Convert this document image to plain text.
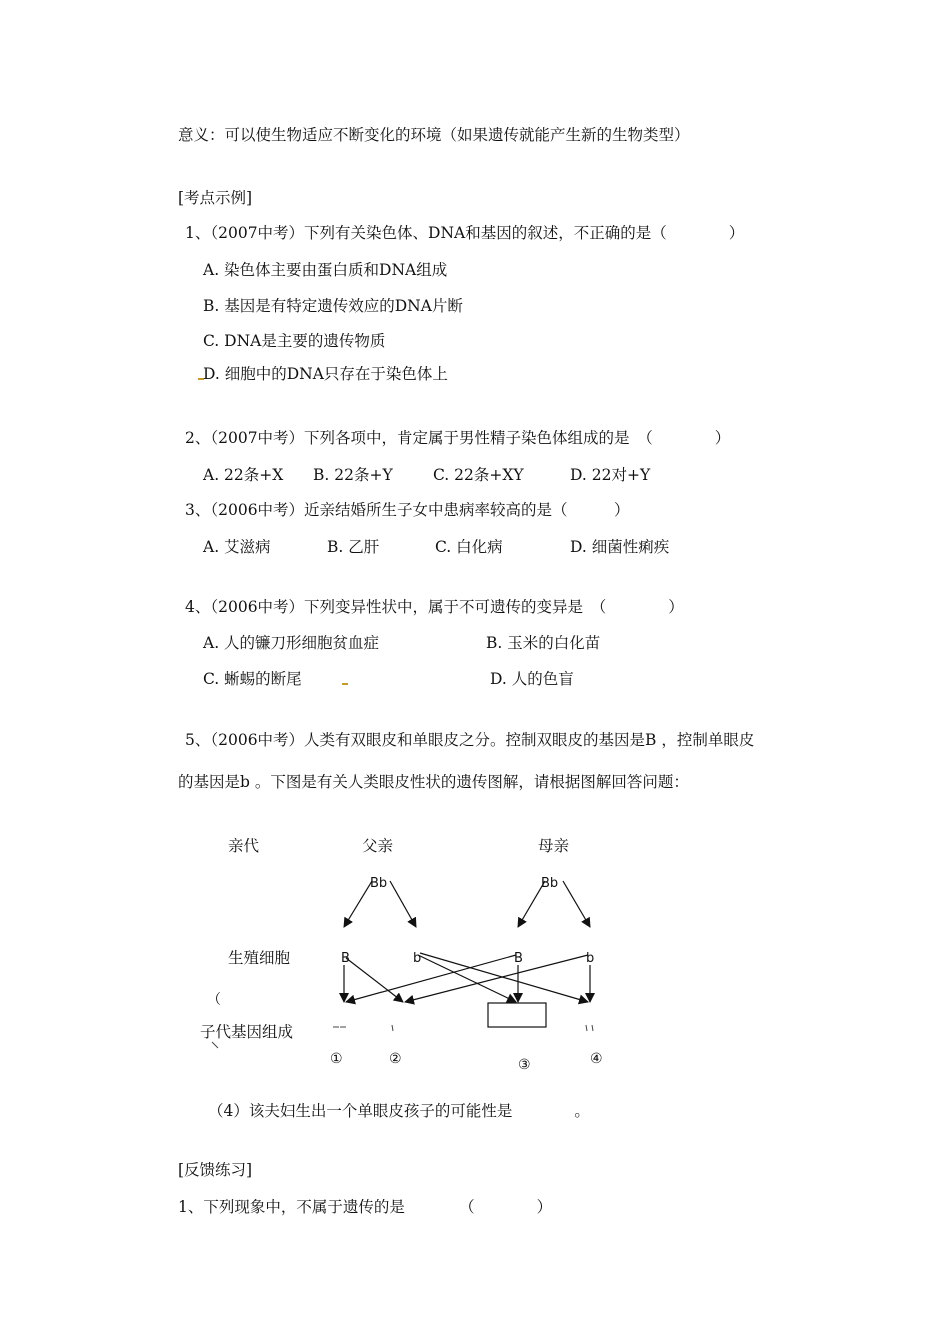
意义：可以使生物适应不断变化的环境（如果遗传就能产生新的生物类型）
[考点示例]
1、（2007中考）下列有关染色体、DNA和基因的叙述，不正确的是（　　　　）
A. 染色体主要由蛋白质和DNA组成
B. 基因是有特定遗传效应的DNA片断
C. DNA是主要的遗传物质
D. 细胞中的DNA只存在于染色体上
2、（2007中考）下列各项中，肯定属于男性精子染色体组成的是　（　　　　）
A. 22条+X B. 22条+Y	C. 22条+XY	D. 22对+Y
3、（2006中考）近亲结婚所生子女中患病率较高的是（　　　）
A. 艾滋病	B. 乙肝	C. 白化病	D. 细菌性痢疾
4、（2006中考）下列变异性状中，属于不可遗传的变异是　（　　　　）
A. 人的镰刀形细胞贫血症	B. 玉米的白化苗
C. 蜥蜴的断尾	D. 人的色盲
5、（2006中考）人类有双眼皮和单眼皮之分。控制双眼皮的基因是B ，控制单眼皮
的基因是b 。下图是有关人类眼皮性状的遗传图解，请根据图解回答问题：
亲代	父亲	母亲
Bb	Bb
生殖细胞	B	b	B	b
（
子代基因组成
①	②	③	④
（4）该夫妇生出一个单眼皮孩子的可能性是　　　　。
[反馈练习]
1、下列现象中，不属于遗传的是　　　　（　　　　）
